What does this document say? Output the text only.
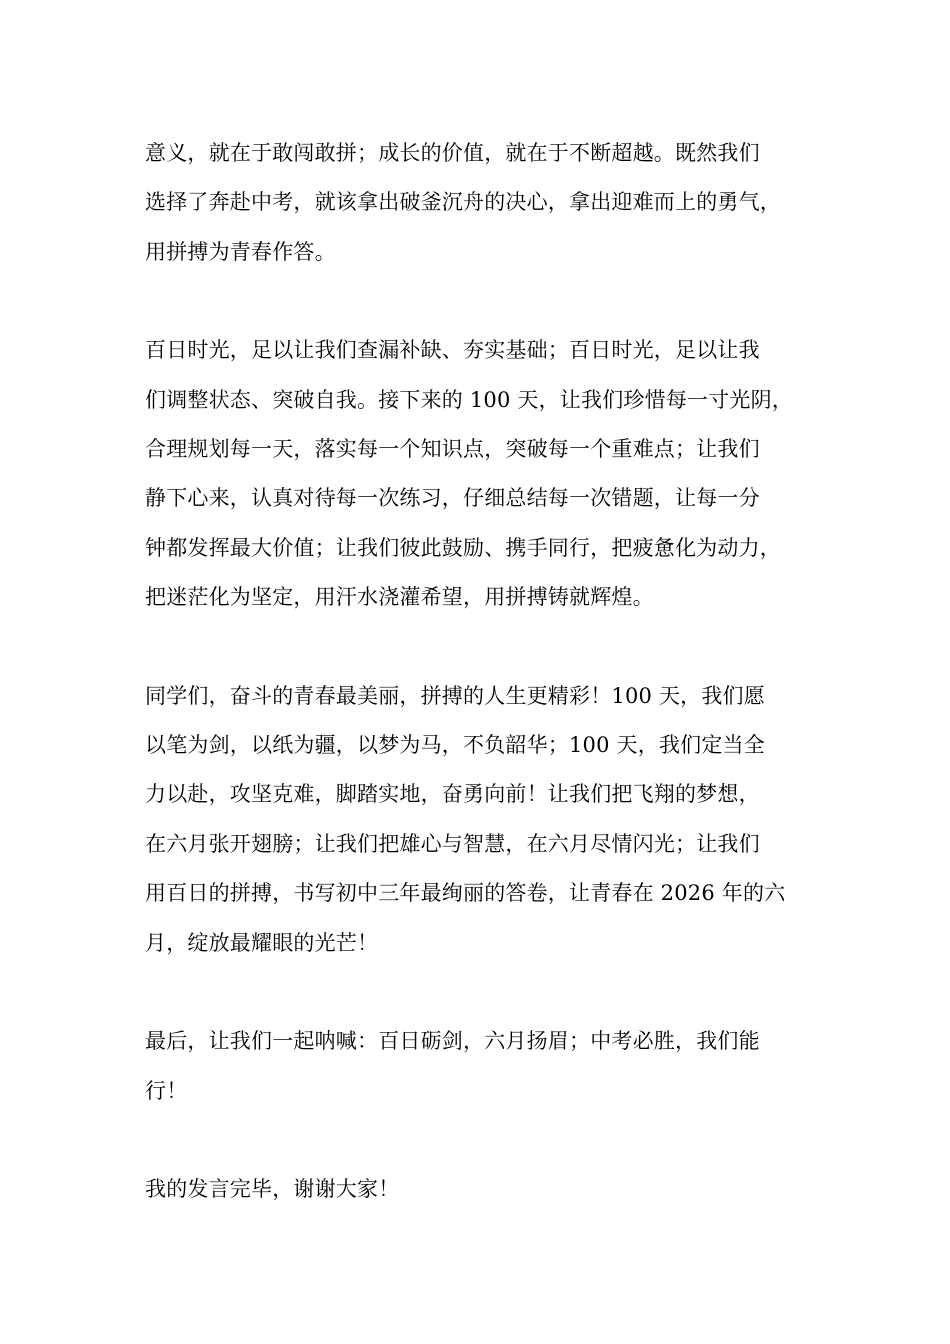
意义，就在于敢闯敢拼；成长的价值，就在于不断超越。既然我们
选择了奔赴中考，就该拿出破釜沉舟的决心，拿出迎难而上的勇气，
用拼搏为青春作答。

百日时光，足以让我们查漏补缺、夯实基础；百日时光，足以让我
们调整状态、突破自我。接下来的 100 天，让我们珍惜每一寸光阴，
合理规划每一天，落实每一个知识点，突破每一个重难点；让我们
静下心来，认真对待每一次练习，仔细总结每一次错题，让每一分
钟都发挥最大价值；让我们彼此鼓励、携手同行，把疲惫化为动力，
把迷茫化为坚定，用汗水浇灌希望，用拼搏铸就辉煌。

同学们，奋斗的青春最美丽，拼搏的人生更精彩！100 天，我们愿
以笔为剑，以纸为疆，以梦为马，不负韶华；100 天，我们定当全
力以赴，攻坚克难，脚踏实地，奋勇向前！让我们把飞翔的梦想，
在六月张开翅膀；让我们把雄心与智慧，在六月尽情闪光；让我们
用百日的拼搏，书写初中三年最绚丽的答卷，让青春在 2026 年的六
月，绽放最耀眼的光芒！

最后，让我们一起呐喊：百日砺剑，六月扬眉；中考必胜，我们能
行！

我的发言完毕，谢谢大家！
